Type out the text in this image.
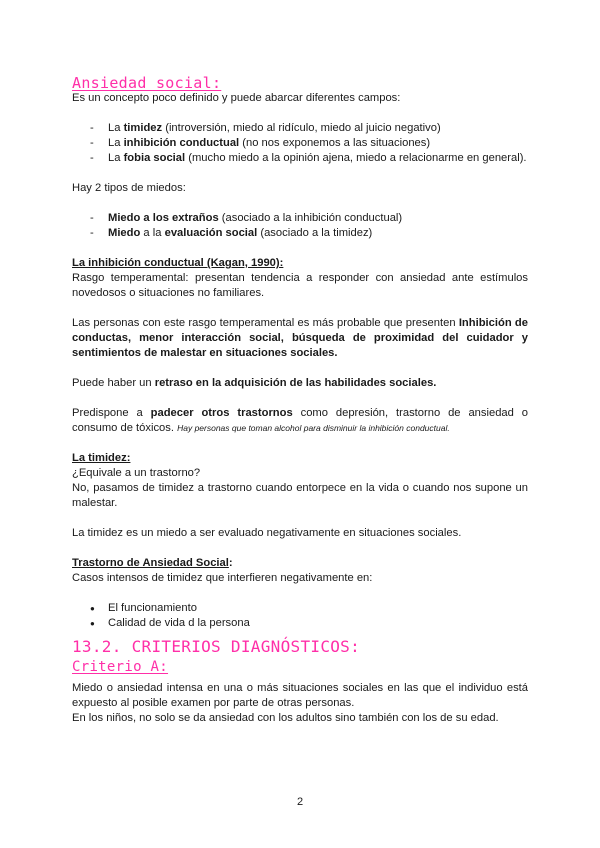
Ansiedad social:

Es un concepto poco definido y puede abarcar diferentes campos:

- La timidez (introversión, miedo al ridículo, miedo al juicio negativo)
- La inhibición conductual (no nos exponemos a las situaciones)
- La fobia social (mucho miedo a la opinión ajena, miedo a relacionarme en general).

Hay 2 tipos de miedos:

- Miedo a los extraños (asociado a la inhibición conductual)
- Miedo a la evaluación social (asociado a la timidez)

La inhibición conductual (Kagan, 1990):

Rasgo temperamental: presentan tendencia a responder con ansiedad ante estímulos novedosos o situaciones no familiares.

Las personas con este rasgo temperamental es más probable que presenten Inhibición de conductas, menor interacción social, búsqueda de proximidad del cuidador y sentimientos de malestar en situaciones sociales.

Puede haber un retraso en la adquisición de las habilidades sociales.

Predispone a padecer otros trastornos como depresión, trastorno de ansiedad o consumo de tóxicos. Hay personas que toman alcohol para disminuir la inhibición conductual.

La timidez:

¿Equivale a un trastorno?

No, pasamos de timidez a trastorno cuando entorpece en la vida o cuando nos supone un malestar.

La timidez es un miedo a ser evaluado negativamente en situaciones sociales.

Trastorno de Ansiedad Social:

Casos intensos de timidez que interfieren negativamente en:

● El funcionamiento
● Calidad de vida d la persona
13.2. CRITERIOS DIAGNÓSTICOS:
Criterio A:

Miedo o ansiedad intensa en una o más situaciones sociales en las que el individuo está expuesto al posible examen por parte de otras personas.

En los niños, no solo se da ansiedad con los adultos sino también con los de su edad.

2
